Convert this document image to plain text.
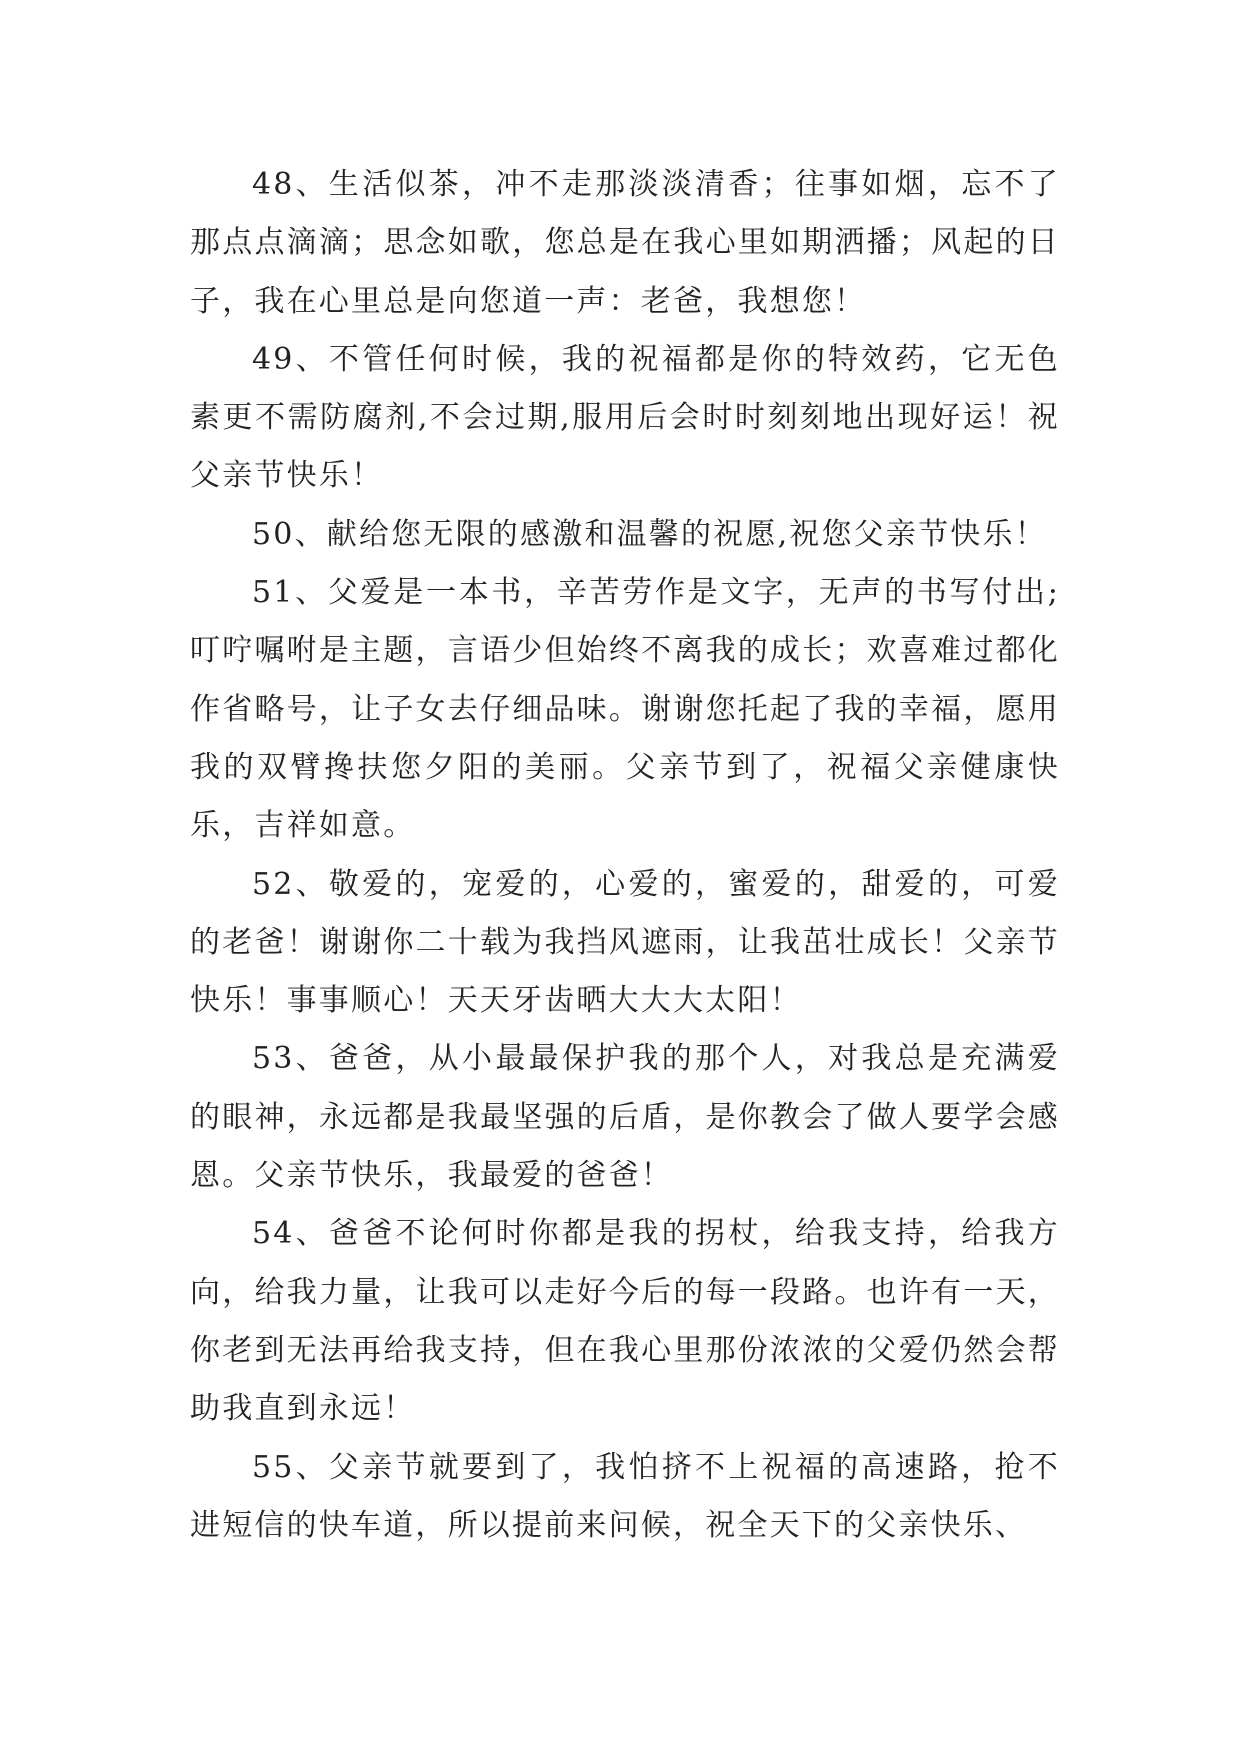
48、生活似茶，冲不走那淡淡清香；往事如烟，忘不了那点点滴滴；思念如歌，您总是在我心里如期洒播；风起的日子，我在心里总是向您道一声：老爸，我想您！

49、不管任何时候，我的祝福都是你的特效药，它无色素更不需防腐剂,不会过期,服用后会时时刻刻地出现好运！祝父亲节快乐！

50、献给您无限的感激和温馨的祝愿,祝您父亲节快乐！

51、父爱是一本书，辛苦劳作是文字，无声的书写付出;叮咛嘱咐是主题，言语少但始终不离我的成长；欢喜难过都化作省略号，让子女去仔细品味。谢谢您托起了我的幸福，愿用我的双臂搀扶您夕阳的美丽。父亲节到了，祝福父亲健康快乐，吉祥如意。

52、敬爱的，宠爱的，心爱的，蜜爱的，甜爱的，可爱的老爸！谢谢你二十载为我挡风遮雨，让我茁壮成长！父亲节快乐！事事顺心！天天牙齿晒大大大太阳！

53、爸爸，从小最最保护我的那个人，对我总是充满爱的眼神，永远都是我最坚强的后盾，是你教会了做人要学会感恩。父亲节快乐，我最爱的爸爸！

54、爸爸不论何时你都是我的拐杖，给我支持，给我方向，给我力量，让我可以走好今后的每一段路。也许有一天，你老到无法再给我支持，但在我心里那份浓浓的父爱仍然会帮助我直到永远！

55、父亲节就要到了，我怕挤不上祝福的高速路，抢不进短信的快车道，所以提前来问候，祝全天下的父亲快乐、
